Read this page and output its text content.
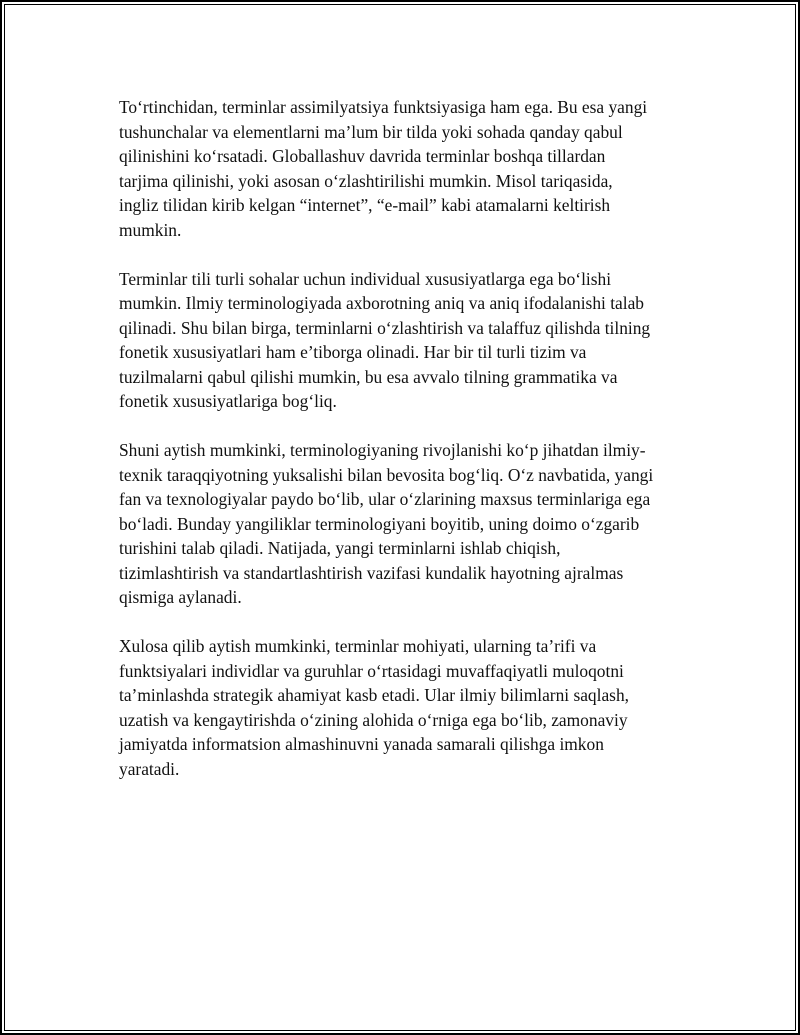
To‘rtinchidan, terminlar assimilyatsiya funktsiyasiga ham ega. Bu esa yangi
tushunchalar va elementlarni ma’lum bir tilda yoki sohada qanday qabul
qilinishini ko‘rsatadi. Globallashuv davrida terminlar boshqa tillardan
tarjima qilinishi, yoki asosan o‘zlashtirilishi mumkin. Misol tariqasida,
ingliz tilidan kirib kelgan “internet”, “e-mail” kabi atamalarni keltirish
mumkin.

Terminlar tili turli sohalar uchun individual xususiyatlarga ega bo‘lishi
mumkin. Ilmiy terminologiyada axborotning aniq va aniq ifodalanishi talab
qilinadi. Shu bilan birga, terminlarni o‘zlashtirish va talaffuz qilishda tilning
fonetik xususiyatlari ham e’tiborga olinadi. Har bir til turli tizim va
tuzilmalarni qabul qilishi mumkin, bu esa avvalo tilning grammatika va
fonetik xususiyatlariga bog‘liq.

Shuni aytish mumkinki, terminologiyaning rivojlanishi ko‘p jihatdan ilmiy-
texnik taraqqiyotning yuksalishi bilan bevosita bog‘liq. O‘z navbatida, yangi
fan va texnologiyalar paydo bo‘lib, ular o‘zlarining maxsus terminlariga ega
bo‘ladi. Bunday yangiliklar terminologiyani boyitib, uning doimo o‘zgarib
turishini talab qiladi. Natijada, yangi terminlarni ishlab chiqish,
tizimlashtirish va standartlashtirish vazifasi kundalik hayotning ajralmas
qismiga aylanadi.

Xulosa qilib aytish mumkinki, terminlar mohiyati, ularning ta’rifi va
funktsiyalari individlar va guruhlar o‘rtasidagi muvaffaqiyatli muloqotni
ta’minlashda strategik ahamiyat kasb etadi. Ular ilmiy bilimlarni saqlash,
uzatish va kengaytirishda o‘zining alohida o‘rniga ega bo‘lib, zamonaviy
jamiyatda informatsion almashinuvni yanada samarali qilishga imkon
yaratadi.
